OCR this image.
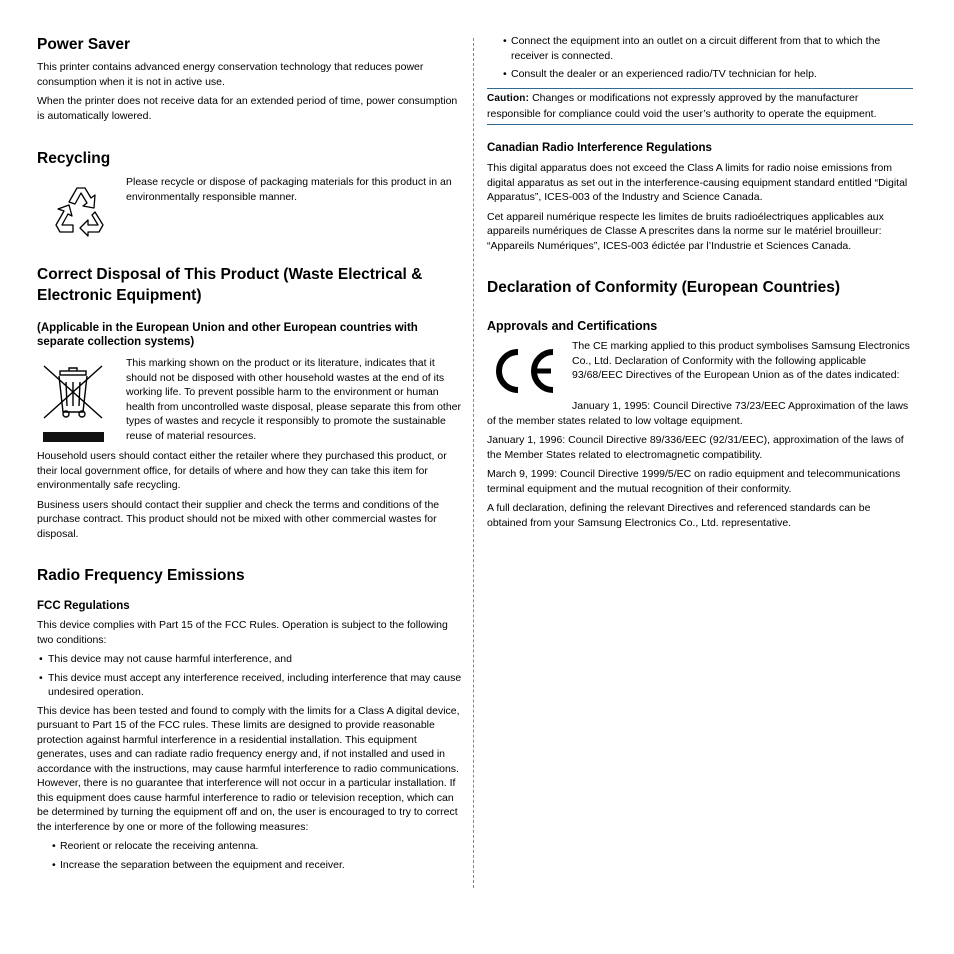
Power Saver

This printer contains advanced energy conservation technology that reduces power consumption when it is not in active use.

When the printer does not receive data for an extended period of time, power consumption is automatically lowered.

Recycling

Please recycle or dispose of packaging materials for this product in an environmentally responsible manner.

Correct Disposal of This Product (Waste Electrical & Electronic Equipment)
(Applicable in the European Union and other European countries with separate collection systems)

This marking shown on the product or its literature, indicates that it should not be disposed with other household wastes at the end of its working life. To prevent possible harm to the environment or human health from uncontrolled waste disposal, please separate this from other types of wastes and recycle it responsibly to promote the sustainable reuse of material resources.

Household users should contact either the retailer where they purchased this product, or their local government office, for details of where and how they can take this item for environmentally safe recycling.

Business users should contact their supplier and check the terms and conditions of the purchase contract. This product should not be mixed with other commercial wastes for disposal.

Radio Frequency Emissions
FCC Regulations

This device complies with Part 15 of the FCC Rules. Operation is subject to the following two conditions:

• This device may not cause harmful interference, and
• This device must accept any interference received, including interference that may cause undesired operation.

This device has been tested and found to comply with the limits for a Class A digital device, pursuant to Part 15 of the FCC rules. These limits are designed to provide reasonable protection against harmful interference in a residential installation. This equipment generates, uses and can radiate radio frequency energy and, if not installed and used in accordance with the instructions, may cause harmful interference to radio communications. However, there is no guarantee that interference will not occur in a particular installation. If this equipment does cause harmful interference to radio or television reception, which can be determined by turning the equipment off and on, the user is encouraged to try to correct the interference by one or more of the following measures:

• Reorient or relocate the receiving antenna.
• Increase the separation between the equipment and receiver.
• Connect the equipment into an outlet on a circuit different from that to which the receiver is connected.
• Consult the dealer or an experienced radio/TV technician for help.

Caution: Changes or modifications not expressly approved by the manufacturer responsible for compliance could void the user’s authority to operate the equipment.

Canadian Radio Interference Regulations

This digital apparatus does not exceed the Class A limits for radio noise emissions from digital apparatus as set out in the interference-causing equipment standard entitled “Digital Apparatus”, ICES-003 of the Industry and Science Canada.

Cet appareil numérique respecte les limites de bruits radioélectriques applicables aux appareils numériques de Classe A prescrites dans la norme sur le matériel brouilleur: “Appareils Numériques”, ICES-003 édictée par l’Industrie et Sciences Canada.

Declaration of Conformity (European Countries)
Approvals and Certifications

The CE marking applied to this product symbolises Samsung Electronics Co., Ltd. Declaration of Conformity with the following applicable 93/68/EEC Directives of the European Union as of the dates indicated:

January 1, 1995: Council Directive 73/23/EEC Approximation of the laws of the member states related to low voltage equipment.

January 1, 1996: Council Directive 89/336/EEC (92/31/EEC), approximation of the laws of the Member States related to electromagnetic compatibility.

March 9, 1999: Council Directive 1999/5/EC on radio equipment and telecommunications terminal equipment and the mutual recognition of their conformity.

A full declaration, defining the relevant Directives and referenced standards can be obtained from your Samsung Electronics Co., Ltd. representative.
